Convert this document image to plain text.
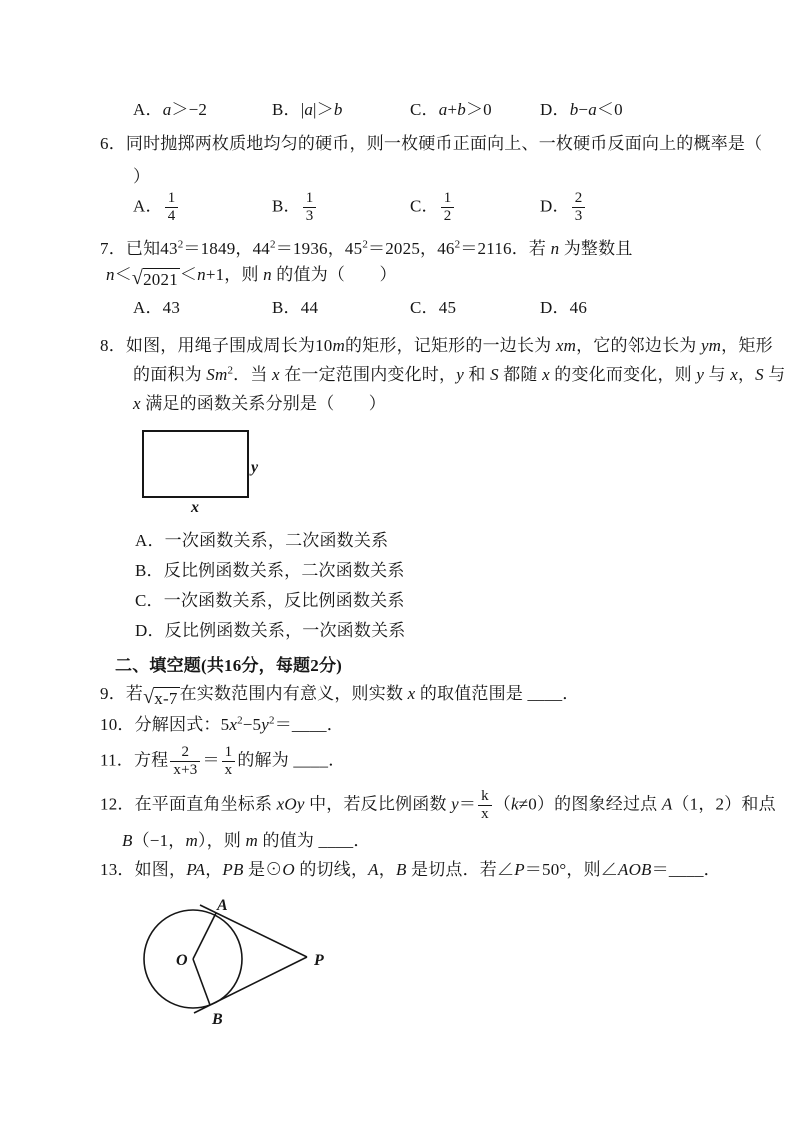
A．a＞−2	B．|a|＞b	C．a+b＞0	D．b−a＜0
6．同时抛掷两枚质地均匀的硬币，则一枚硬币正面向上、一枚硬币反面向上的概率是（
）
A． $\frac{1}{4}$	B． $\frac{1}{3}$	C． $\frac{1}{2}$	D． $\frac{2}{3}$
7．已知$43^2=1849$，$44^2=1936$，$45^2=2025$，$46^2=2116$．若 n 为整数且
n＜ √ 2021 ＜n+1，则 n 的值为（　　）
A．43	B．44	C．45	D．46
8．如图，用绳子围成周长为10m的矩形，记矩形的一边长为 xm，它的邻边长为 ym，矩形
的面积为 Sm$^2$．当 x 在一定范围内变化时，y 和 S 都随 x 的变化而变化，则 y 与 x，S 与
x 满足的函数关系分别是（　　）
y
x
A．一次函数关系，二次函数关系
B．反比例函数关系，二次函数关系
C．一次函数关系，反比例函数关系
D．反比例函数关系，一次函数关系
二、填空题(共16分，每题2分)
9．若 √ x-7 在实数范围内有意义，则实数 x 的取值范围是 ____．
10．分解因式：$5x^2-5y^2=\_\_\_\_$．
11．方程 $\frac{2}{x+3} = \frac{1}{x}$ 的解为 ____．
12．在平面直角坐标系 xOy 中，若反比例函数 $y= \frac{k}{x} (k\ne 0)$的图象经过点 A（1，2）和点
B（−1，m），则 m 的值为 ____．
13．如图，PA，PB 是⊙O 的切线，A，B 是切点．若∠P＝50°，则∠AOB＝____．
O
A
B
P
